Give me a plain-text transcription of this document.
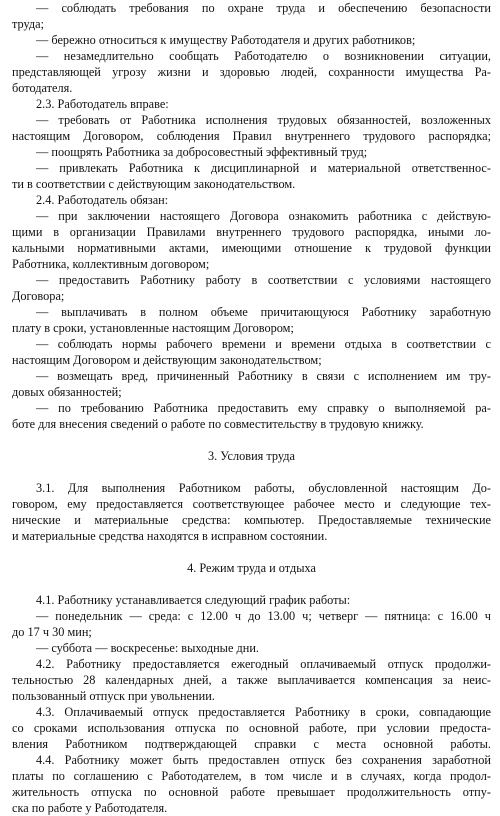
— соблюдать требования по охране труда и обеспечению безопасности
труда;
— бережно относиться к имуществу Работодателя и других работников;
— незамедлительно сообщать Работодателю о возникновении ситуации,
представляющей угрозу жизни и здоровью людей, сохранности имущества Ра-
ботодателя.
2.3. Работодатель вправе:
— требовать от Работника исполнения трудовых обязанностей, возложенных
настоящим Договором, соблюдения Правил внутреннего трудового распорядка;
— поощрять Работника за добросовестный эффективный труд;
— привлекать Работника к дисциплинарной и материальной ответственнос-
ти в соответствии с действующим законодательством.
2.4. Работодатель обязан:
— при заключении настоящего Договора ознакомить работника с действую-
щими в организации Правилами внутреннего трудового распорядка, иными ло-
кальными нормативными актами, имеющими отношение к трудовой функции
Работника, коллективным договором;
— предоставить Работнику работу в соответствии с условиями настоящего
Договора;
— выплачивать в полном объеме причитающуюся Работнику заработную
плату в сроки, установленные настоящим Договором;
— соблюдать нормы рабочего времени и времени отдыха в соответствии с
настоящим Договором и действующим законодательством;
— возмещать вред, причиненный Работнику в связи с исполнением им тру-
довых обязанностей;
— по требованию Работника предоставить ему справку о выполняемой ра-
боте для внесения сведений о работе по совместительству в трудовую книжку.
3. Условия труда
3.1. Для выполнения Работником работы, обусловленной настоящим До-
говором, ему предоставляется соответствующее рабочее место и следующие тех-
нические и материальные средства: компьютер. Предоставляемые технические
и материальные средства находятся в исправном состоянии.
4. Режим труда и отдыха
4.1. Работнику устанавливается следующий график работы:
— понедельник — среда: с 12.00 ч до 13.00 ч; четверг — пятница: с 16.00 ч
до 17 ч 30 мин;
— суббота — воскресенье: выходные дни.
4.2. Работнику предоставляется ежегодный оплачиваемый отпуск продолжи-
тельностью 28 календарных дней, а также выплачивается компенсация за неис-
пользованный отпуск при увольнении.
4.3. Оплачиваемый отпуск предоставляется Работнику в сроки, совпадающие
со сроками использования отпуска по основной работе, при условии предоста-
вления Работником подтверждающей справки с места основной работы.
4.4. Работнику может быть предоставлен отпуск без сохранения заработной
платы по соглашению с Работодателем, в том числе и в случаях, когда продол-
жительность отпуска по основной работе превышает продолжительность отпу-
ска по работе у Работодателя.
